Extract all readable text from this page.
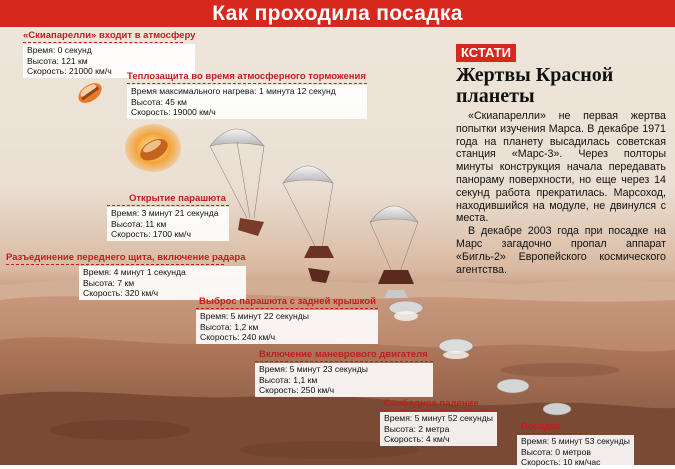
Как проходила посадка
«Скиапарелли» входит в атмосферу
Время: 0 секунд
Высота: 121 км
Скорость: 21000 км/ч	Теплозащита во время атмосферного торможения
Время максимального нагрева: 1 минута 12 секунд
Высота: 45 км
Скорость: 19000 км/ч
Открытие парашюта
Время: 3 минут 21 секунда
Высота: 11 км
Скорость: 1700 км/ч
Разъединение переднего щита, включение радара
Время: 4 минут 1 секунда
Высота: 7 км
Скорость: 320 км/ч
Выброс парашюта с задней крышкой
Время: 5 минут 22 секунды
Высота: 1,2 км
Скорость: 240 км/ч
Включение маневрового двигателя
Время: 5 минут 23 секунды
Высота: 1,1 км
Скорость: 250 км/ч
Свободное падение
Время: 5 минут 52 секунды
Высота: 2 метра
Скорость: 4 км/ч
Посадка
Время: 5 минут 53 секунды
Высота: 0 метров
Скорость: 10 км/час
КСТАТИ
Жертвы Красной планеты

«Скиапарелли» не первая жертва попытки изучения Марса. В декабре 1971 года на планету высадилась советская станция «Марс-3». Через полторы минуты конструкция начала передавать панораму поверхности, но еще через 14 секунд работа прекратилась. Марсоход, находившийся на модуле, не двинулся с места.

В декабре 2003 года при посадке на Марс загадочно пропал аппарат «Бигль-2» Европейского космического агентства.
